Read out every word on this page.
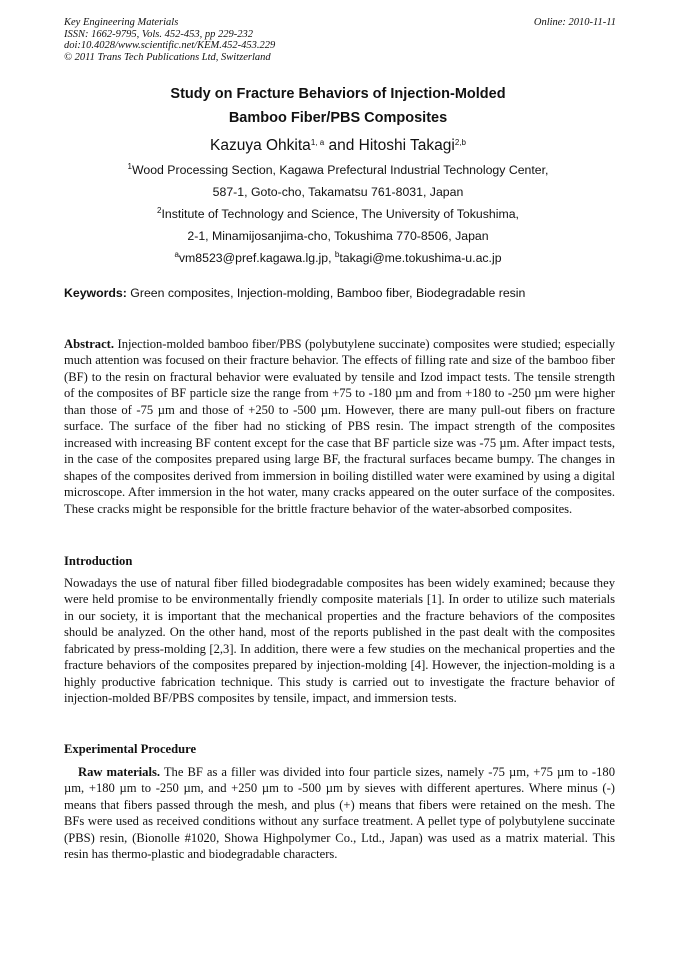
Key Engineering Materials
ISSN: 1662-9795, Vols. 452-453, pp 229-232
doi:10.4028/www.scientific.net/KEM.452-453.229
© 2011 Trans Tech Publications Ltd, Switzerland
Online: 2010-11-11
Study on Fracture Behaviors of Injection-Molded
Bamboo Fiber/PBS Composites
Kazuya Ohkita$^{1, a}$ and Hitoshi Takagi$^{2,b}$
$^1$Wood Processing Section, Kagawa Prefectural Industrial Technology Center,
587-1, Goto-cho, Takamatsu 761-8031, Japan
$^2$Institute of Technology and Science, The University of Tokushima,
2-1, Minamijosanjima-cho, Tokushima 770-8506, Japan
$^a$vm8523@pref.kagawa.lg.jp, $^b$takagi@me.tokushima-u.ac.jp
Keywords: Green composites, Injection-molding, Bamboo fiber, Biodegradable resin
Abstract. Injection-molded bamboo fiber/PBS (polybutylene succinate) composites were studied; especially much attention was focused on their fracture behavior. The effects of filling rate and size of the bamboo fiber (BF) to the resin on fractural behavior were evaluated by tensile and Izod impact tests. The tensile strength of the composites of BF particle size the range from +75 to -180 µm and from +180 to -250 µm were higher than those of -75 µm and those of +250 to -500 µm. However, there are many pull-out fibers on fracture surface. The surface of the fiber had no sticking of PBS resin. The impact strength of the composites increased with increasing BF content except for the case that BF particle size was -75 µm. After impact tests, in the case of the composites prepared using large BF, the fractural surfaces became bumpy. The changes in shapes of the composites derived from immersion in boiling distilled water were examined by using a digital microscope. After immersion in the hot water, many cracks appeared on the outer surface of the composites. These cracks might be responsible for the brittle fracture behavior of the water-absorbed composites.
Introduction
Nowadays the use of natural fiber filled biodegradable composites has been widely examined; because they were held promise to be environmentally friendly composite materials [1]. In order to utilize such materials in our society, it is important that the mechanical properties and the fracture behaviors of the composites should be analyzed. On the other hand, most of the reports published in the past dealt with the composites fabricated by press-molding [2,3]. In addition, there were a few studies on the mechanical properties and the fracture behaviors of the composites prepared by injection-molding [4]. However, the injection-molding is a highly productive fabrication technique. This study is carried out to investigate the fracture behavior of injection-molded BF/PBS composites by tensile, impact, and immersion tests.
Experimental Procedure
Raw materials. The BF as a filler was divided into four particle sizes, namely -75 µm, +75 µm to -180 µm, +180 µm to -250 µm, and +250 µm to -500 µm by sieves with different apertures. Where minus (-) means that fibers passed through the mesh, and plus (+) means that fibers were retained on the mesh. The BFs were used as received conditions without any surface treatment. A pellet type of polybutylene succinate (PBS) resin, (Bionolle #1020, Showa Highpolymer Co., Ltd., Japan) was used as a matrix material. This resin has thermo-plastic and biodegradable characters.
